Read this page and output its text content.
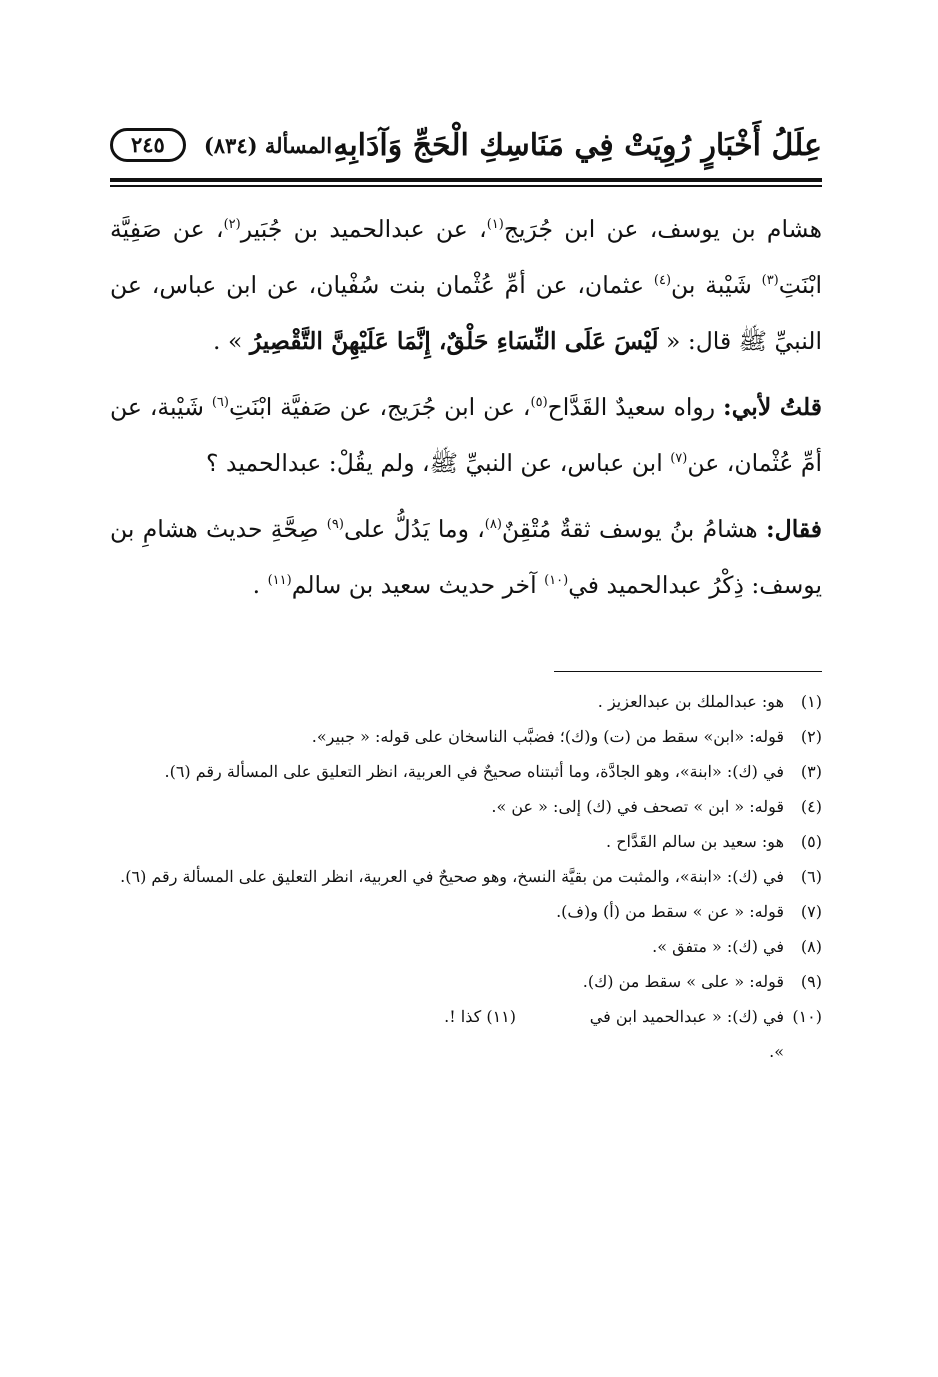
عِلَلُ أَخْبَارٍ رُوِيَتْ فِي مَنَاسِكِ الْحَجِّ وَآدَابِهِ
المسألة (٨٣٤)
٢٤٥

هشام بن يوسف، عن ابن جُرَيج$^{(١)}$، عن عبدالحميد بن جُبَير$^{(٢)}$، عن صَفِيَّة ابْنَتِ$^{(٣)}$ شَيْبة بن$^{(٤)}$ عثمان، عن أمِّ عُثْمان بنت سُفْيان، عن ابن عباس، عن النبيِّ ﷺ قال: « لَيْسَ عَلَى النِّسَاءِ حَلْقٌ، إِنَّمَا عَلَيْهِنَّ التَّقْصِيرُ » .

قلتُ لأبي: رواه سعيدٌ القَدَّاح$^{(٥)}$، عن ابن جُرَيج، عن صَفيَّة ابْنَتِ$^{(٦)}$ شَيْبة، عن أمِّ عُثْمان، عن$^{(٧)}$ ابن عباس، عن النبيِّ ﷺ، ولم يقُلْ: عبدالحميد ؟

فقال: هشامُ بنُ يوسف ثقةٌ مُتْقِنٌ$^{(٨)}$، وما يَدُلُّ على$^{(٩)}$ صِحَّةِ حديث هشامِ بن يوسف: ذِكْرُ عبدالحميد في$^{(١٠)}$ آخر حديث سعيد بن سالم$^{(١١)}$ .

(١)
هو: عبدالملك بن عبدالعزيز .
(٢)
قوله: «ابن» سقط من (ت) و(ك)؛ فضبَّب الناسخان على قوله: « جبير».
(٣)
في (ك): «ابنة»، وهو الجادَّة، وما أثبتناه صحيحٌ في العربية، انظر التعليق على المسألة رقم (٦).
(٤)
قوله: « ابن » تصحف في (ك) إلى: « عن ».
(٥)
هو: سعيد بن سالم القَدَّاح .
(٦)
في (ك): «ابنة»، والمثبت من بقيَّة النسخ، وهو صحيحٌ في العربية، انظر التعليق على المسألة رقم (٦).
(٧)
قوله: « عن » سقط من (أ) و(ف).
(٨)
في (ك): « متفق ».
(٩)
قوله: « على » سقط من (ك).
(١٠)
في (ك): « عبدالحميد ابن في ».
(١١) كذا !.
